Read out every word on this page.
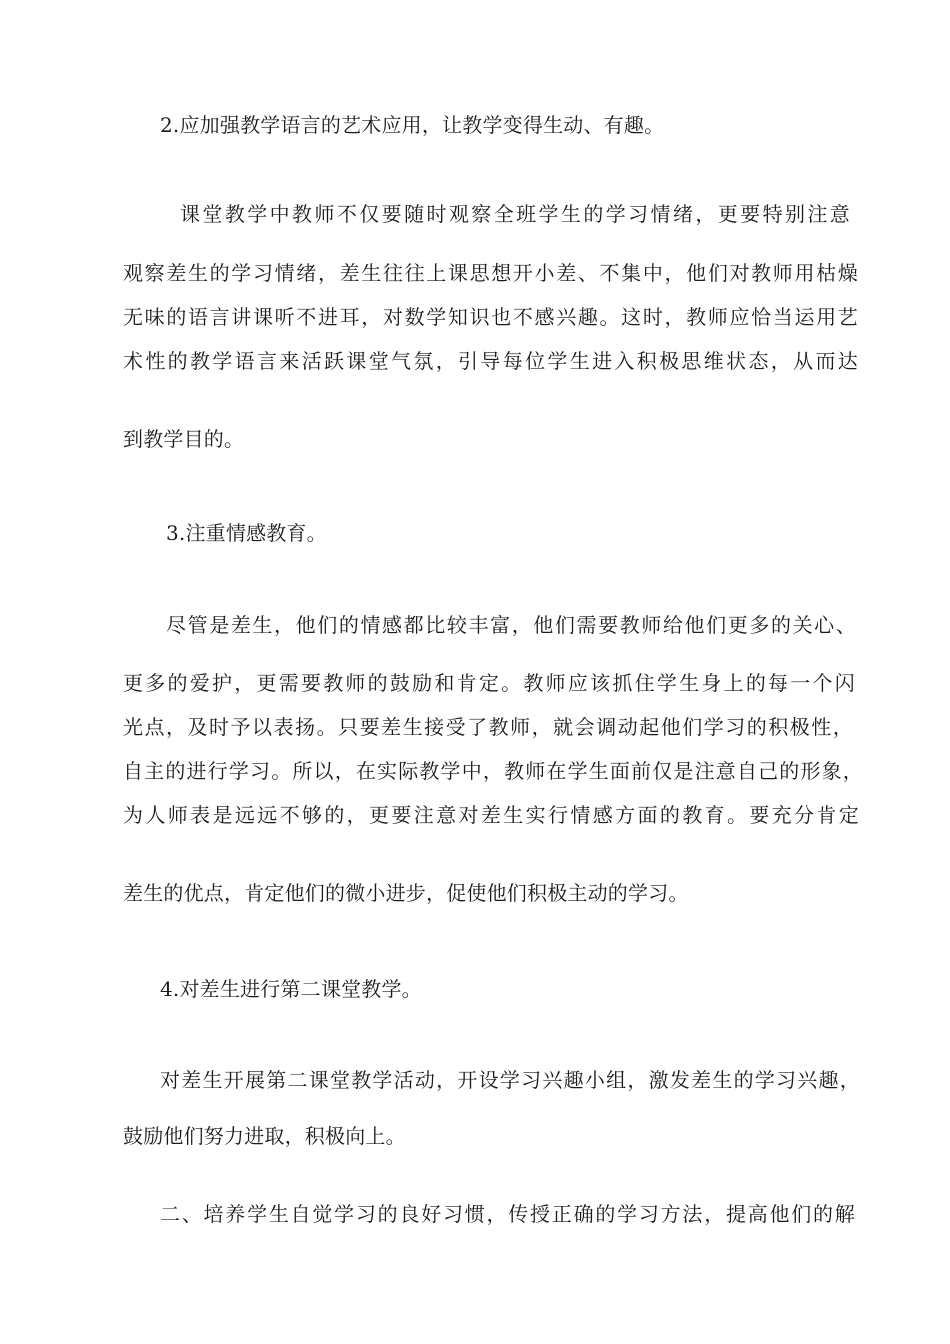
2.应加强教学语言的艺术应用，让教学变得生动、有趣。
课堂教学中教师不仅要随时观察全班学生的学习情绪，更要特别注意
观察差生的学习情绪，差生往往上课思想开小差、不集中，他们对教师用枯燥
无味的语言讲课听不进耳，对数学知识也不感兴趣。这时，教师应恰当运用艺
术性的教学语言来活跃课堂气氛，引导每位学生进入积极思维状态，从而达
到教学目的。
3.注重情感教育。
尽管是差生，他们的情感都比较丰富，他们需要教师给他们更多的关心、
更多的爱护，更需要教师的鼓励和肯定。教师应该抓住学生身上的每一个闪
光点，及时予以表扬。只要差生接受了教师，就会调动起他们学习的积极性，
自主的进行学习。所以，在实际教学中，教师在学生面前仅是注意自己的形象，
为人师表是远远不够的，更要注意对差生实行情感方面的教育。要充分肯定
差生的优点，肯定他们的微小进步，促使他们积极主动的学习。
4.对差生进行第二课堂教学。
对差生开展第二课堂教学活动，开设学习兴趣小组，激发差生的学习兴趣，
鼓励他们努力进取，积极向上。
二、培养学生自觉学习的良好习惯，传授正确的学习方法，提高他们的解
